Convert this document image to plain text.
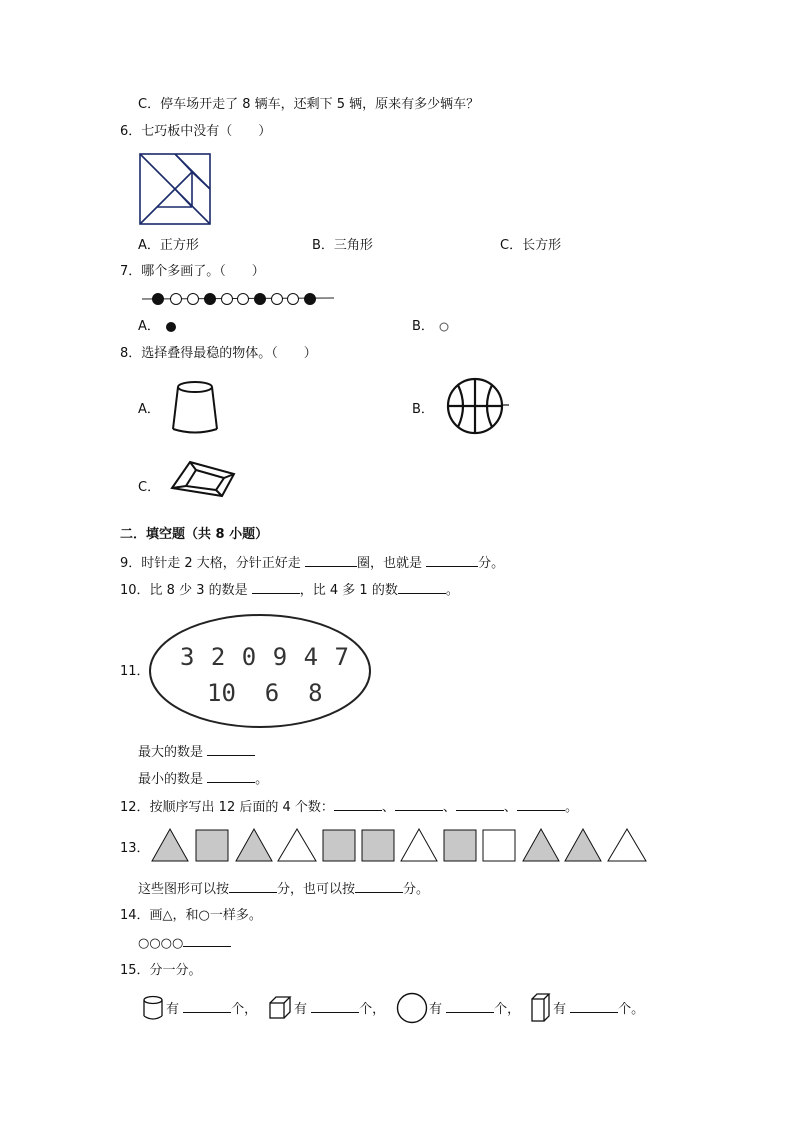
C．停车场开走了 8 辆车，还剩下 5 辆，原来有多少辆车？
6．七巧板中没有（　　）
A．正方形	B．三角形	C．长方形
7．哪个多画了。（　　）
A．	B．
8．选择叠得最稳的物体。（　　）
A．	B．
C．
二．填空题（共 8 小题）
9．时针走 2 大格，分针正好走	圈，也就是	分。
10．比 8 少 3 的数是	，比 4 多 1 的数	。
11．
3 2 0 9 4 7
10  6  8
最大的数是
最小的数是	。
12．按顺序写出 12 后面的 4 个数：	、	、	、	。
13．
这些图形可以按	分，也可以按	分。
14．画△，和○一样多。
○○○○
15．分一分。
有	个，	有	个，	有	个，	有	个。
